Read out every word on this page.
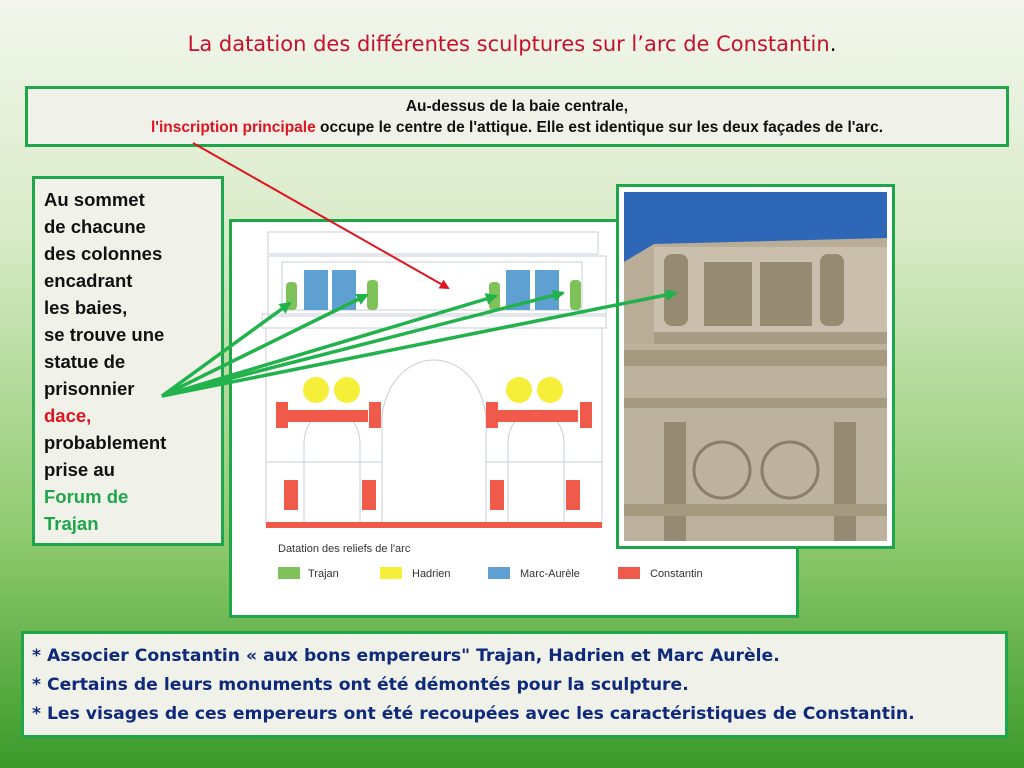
La datation des différentes sculptures sur l’arc de Constantin.
Au-dessus de la baie centrale,
l'inscription principale occupe le centre de l'attique. Elle est identique sur les deux façades de l'arc.
Au sommet
de chacune
des colonnes
encadrant
les baies,
se trouve une
statue de
prisonnier
dace,
probablement
prise au
Forum de
Trajan
Datation des reliefs de l'arc
Trajan	Hadrien	Marc-Aurèle	Constantin
* Associer Constantin « aux bons empereurs" Trajan, Hadrien et Marc Aurèle.
* Certains de leurs monuments ont été démontés pour la sculpture.
* Les visages de ces empereurs ont été recoupées avec les caractéristiques de Constantin.
